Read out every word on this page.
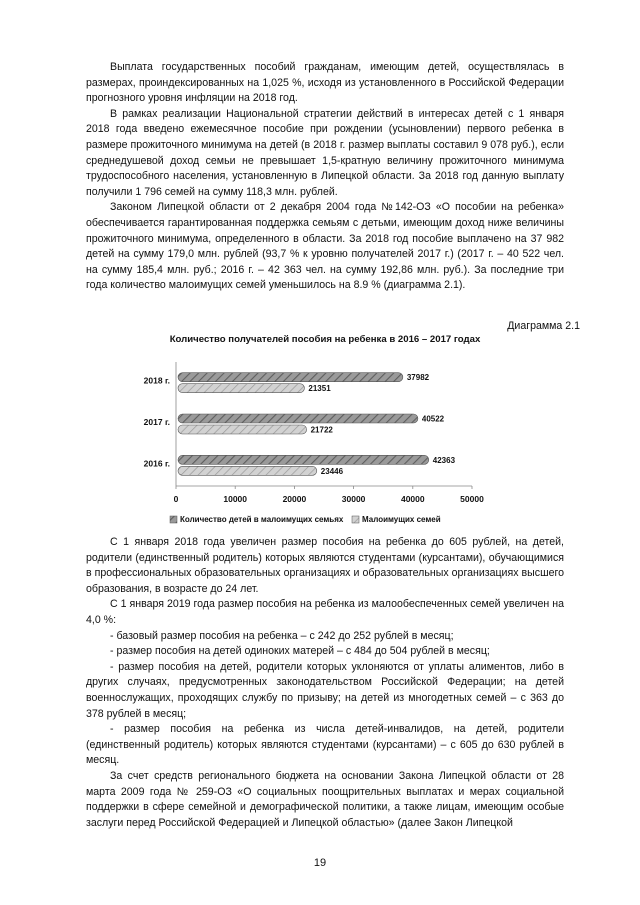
Выплата государственных пособий гражданам, имеющим детей, осуществлялась в размерах, проиндексированных на 1,025 %, исходя из установленного в Российской Федерации прогнозного уровня инфляции на 2018 год.

В рамках реализации Национальной стратегии действий в интересах детей с 1 января 2018 года введено ежемесячное пособие при рождении (усыновлении) первого ребенка в размере прожиточного минимума на детей (в 2018 г. размер выплаты составил 9 078 руб.), если среднедушевой доход семьи не превышает 1,5-кратную величину прожиточного минимума трудоспособного населения, установленную в Липецкой области. За 2018 год данную выплату получили 1 796 семей на сумму 118,3 млн. рублей.

Законом Липецкой области от 2 декабря 2004 года №142-ОЗ «О пособии на ребенка» обеспечивается гарантированная поддержка семьям с детьми, имеющим доход ниже величины прожиточного минимума, определенного в области. За 2018 год пособие выплачено на 37 982 детей на сумму 179,0 млн. рублей (93,7 % к уровню получателей 2017 г.) (2017 г. – 40 522 чел. на сумму 185,4 млн. руб.; 2016 г. – 42 363 чел. на сумму 192,86 млн. руб.). За последние три года количество малоимущих семей уменьшилось на 8.9 % (диаграмма 2.1).

Диаграмма 2.1
Количество получателей пособия на ребенка в 2016 – 2017 годах
0	10000	20000	30000	40000	50000
2018 г.	37982
21351
2017 г.	40522
21722
2016 г.	42363
23446
Количество детей в малоимущих семьях Малоимущих семей

С 1 января 2018 года увеличен размер пособия на ребенка до 605 рублей, на детей, родители (единственный родитель) которых являются студентами (курсантами), обучающимися в профессиональных образовательных организациях и образовательных организациях высшего образования, в возрасте до 24 лет.

С 1 января 2019 года размер пособия на ребенка из малообеспеченных семей увеличен на 4,0 %:

- базовый размер пособия на ребенка – с 242 до 252 рублей в месяц;

- размер пособия на детей одиноких матерей – с 484 до 504 рублей в месяц;

- размер пособия на детей, родители которых уклоняются от уплаты алиментов, либо в других случаях, предусмотренных законодательством Российской Федерации; на детей военнослужащих, проходящих службу по призыву; на детей из многодетных семей – с 363 до 378 рублей в месяц;

- размер пособия на ребенка из числа детей-инвалидов, на детей, родители (единственный родитель) которых являются студентами (курсантами) – с 605 до 630 рублей в месяц.

За счет средств регионального бюджета на основании Закона Липецкой области от 28 марта 2009 года № 259-ОЗ «О социальных поощрительных выплатах и мерах социальной поддержки в сфере семейной и демографической политики, а также лицам, имеющим особые заслуги перед Российской Федерацией и Липецкой областью» (далее Закон Липецкой

19
